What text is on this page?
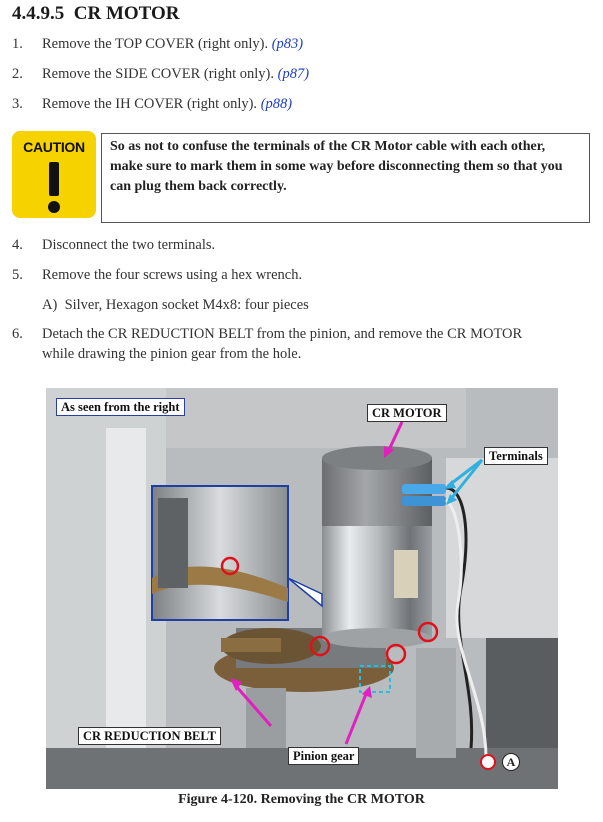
4.4.9.5 CR MOTOR
1. Remove the TOP COVER (right only). (p83)
2. Remove the SIDE COVER (right only). (p87)
3. Remove the IH COVER (right only). (p88)
CAUTION	So as not to confuse the terminals of the CR Motor cable with each other, make sure to mark them in some way before disconnecting them so that you can plug them back correctly.
4. Disconnect the two terminals.
5. Remove the four screws using a hex wrench.
A) Silver, Hexagon socket M4x8: four pieces
6. Detach the CR REDUCTION BELT from the pinion, and remove the CR MOTOR
while drawing the pinion gear from the hole.
A
As seen from the right	CR MOTOR
Terminals
CR REDUCTION BELT
Pinion gear
Figure 4-120. Removing the CR MOTOR
